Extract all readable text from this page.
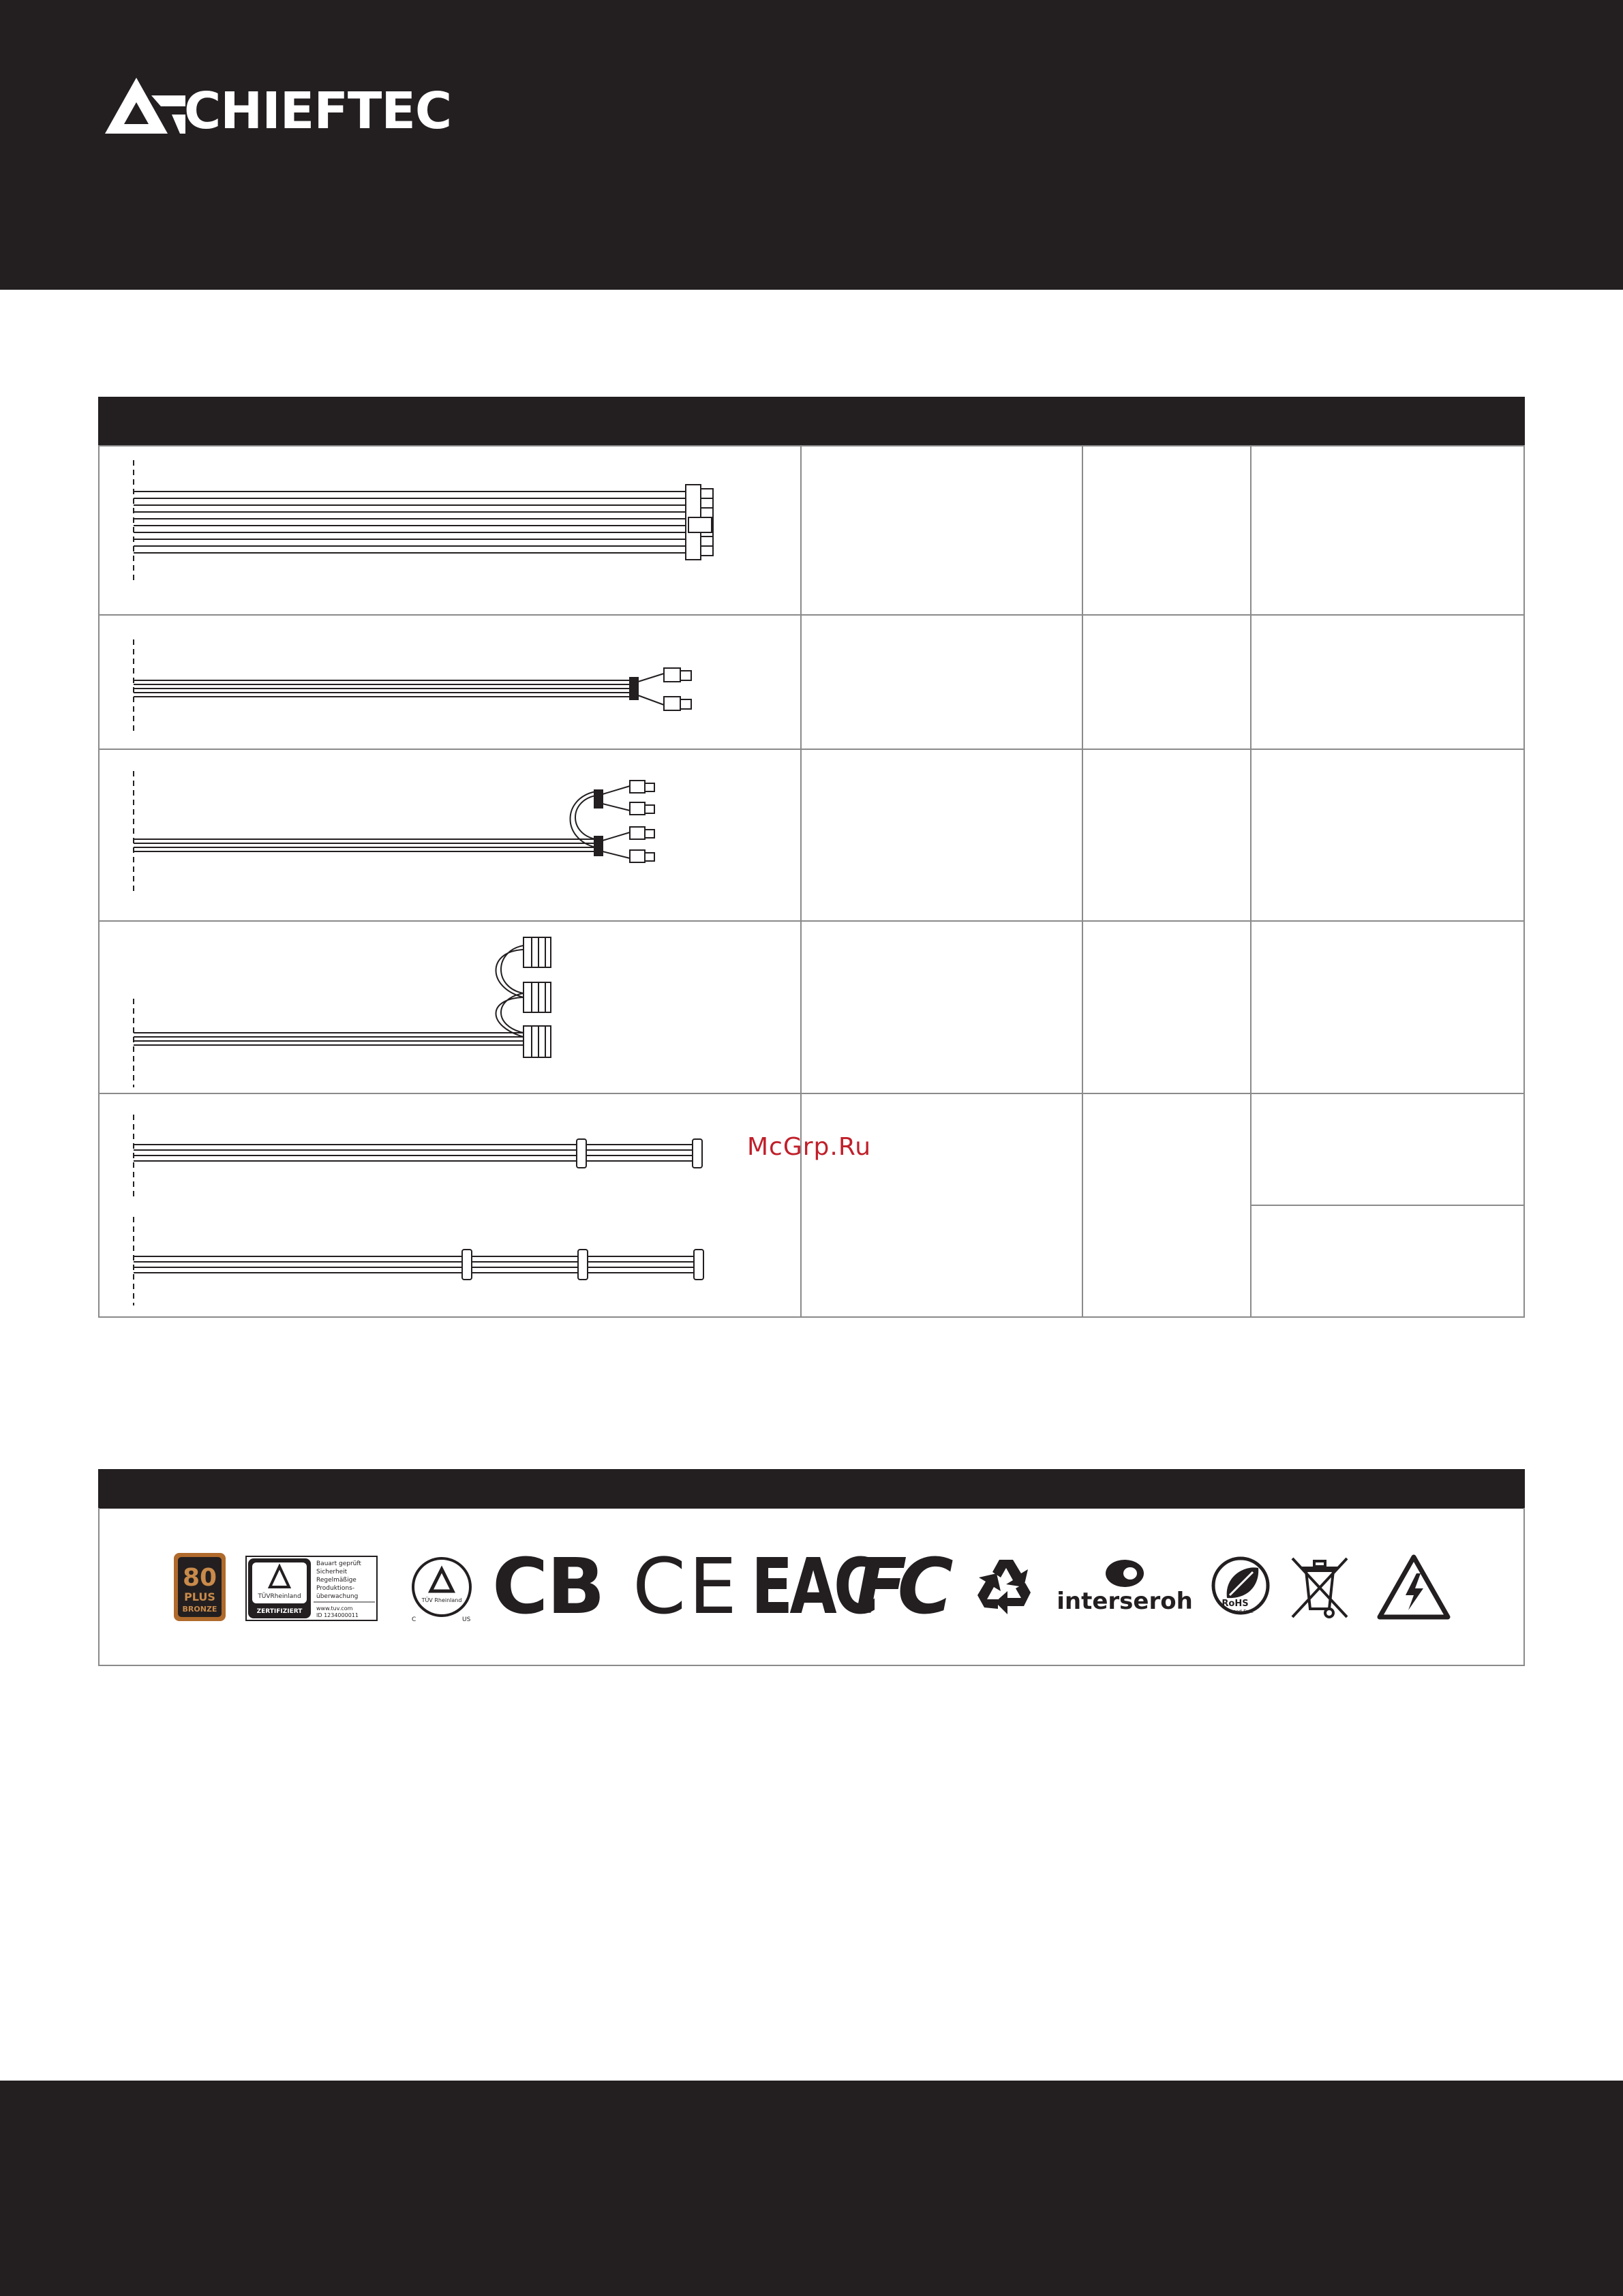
CHIEFTEC
McGrp.Ru
80
PLUS
BRONZE
TÜVRheinland
ZERTIFIZIERT
Bauart geprüft
Sicherheit
Regelmäßige
Produktions-
überwachung
www.tuv.com
ID 1234000011
TÜV Rheinland
C	US CB CE EAC
FC	interseroh	RoHS
Lead Free
